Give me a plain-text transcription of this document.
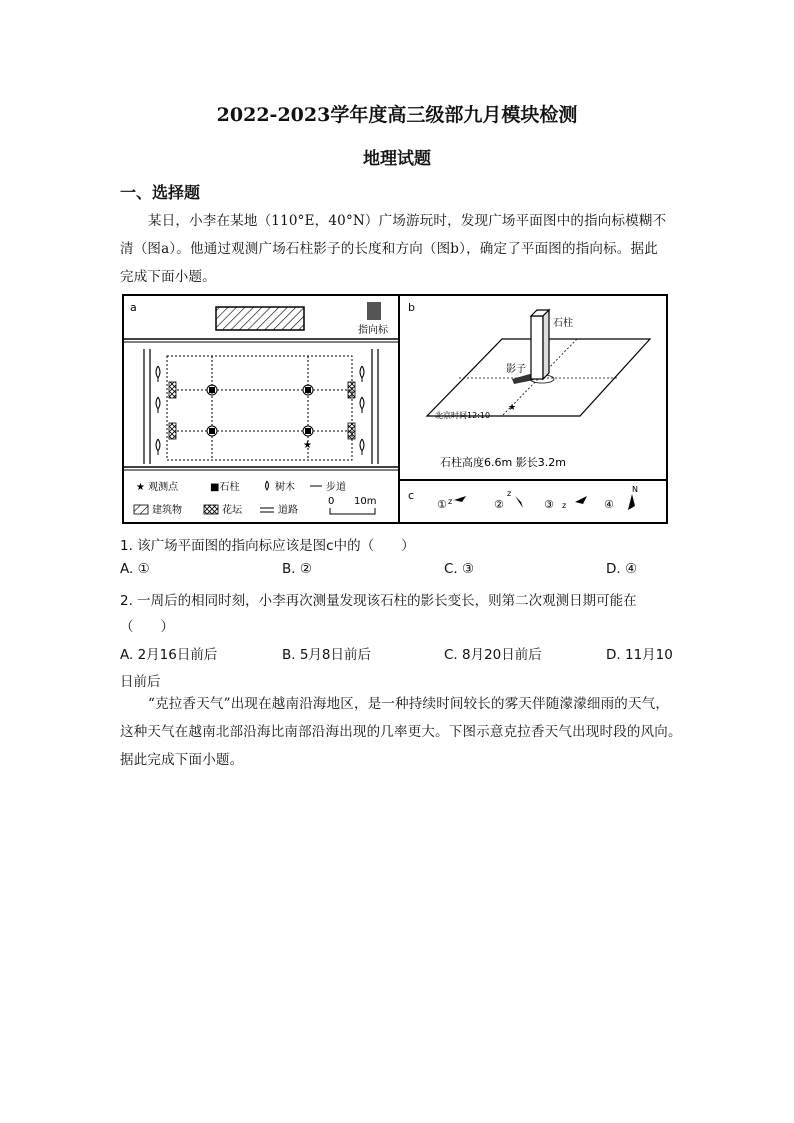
2022-2023学年度高三级部九月模块检测
地理试题
一、选择题
某日，小李在某地（110°E，40°N）广场游玩时，发现广场平面图中的指向标模糊不
清（图a）。他通过观测广场石柱影子的长度和方向（图b），确定了平面图的指向标。据此
完成下面小题。
a
指向标
★
★ 观测点	■石柱	树木	步道
建筑物	花坛	道路
0 10m
b
石柱
影子
★
北京时间12:10
石柱高度6.6m 影长3.2m
c
① z	②
z
③ z	④
N
1. 该广场平面图的指向标应该是图c中的（　　）
A. ①	B. ②	C. ③	D. ④
2. 一周后的相同时刻，小李再次测量发现该石柱的影长变长，则第二次观测日期可能在
（　　）
A. 2月16日前后	B. 5月8日前后	C. 8月20日前后	D. 11月10
日前后
“克拉香天气”出现在越南沿海地区，是一种持续时间较长的雾天伴随濛濛细雨的天气，
这种天气在越南北部沿海比南部沿海出现的几率更大。下图示意克拉香天气出现时段的风向。
据此完成下面小题。
